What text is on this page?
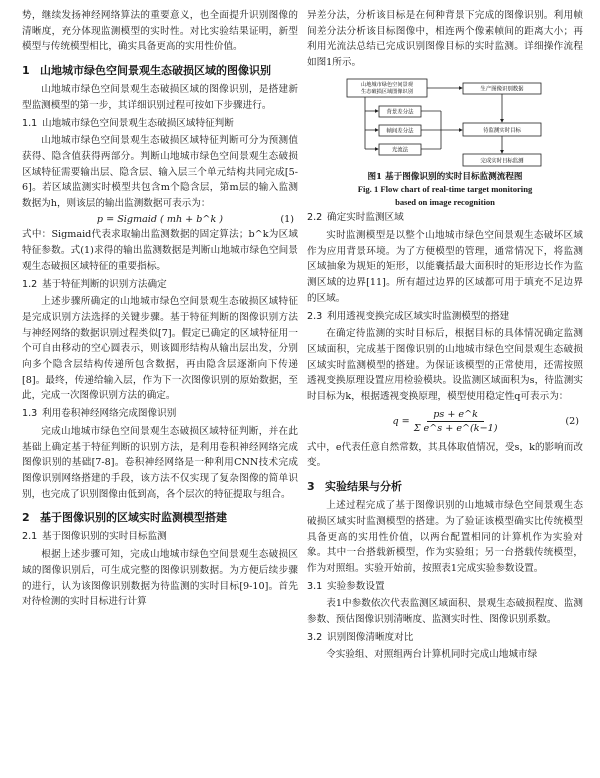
势，继续发扬神经网络算法的重要意义，也全面提升识别图像的清晰度，充分体现监测模型的实时性。对比实验结果证明，新型模型与传统模型相比，确实具备更高的实用性价值。

1 山地城市绿色空间景观生态破损区域的图像识别

山地城市绿色空间景观生态破损区域的图像识别，是搭建新型监测模型的第一步，其详细识别过程可按如下步骤进行。

1.1 山地城市绿色空间景观生态破损区域特征判断

山地城市绿色空间景观生态破损区域特征判断可分为预测值获得、隐含值获得两部分。判断山地城市绿色空间景观生态破损区域特征需要输出层、隐含层、输入层三个单元结构共同完成[5-6]。若区域监测实时模型共包含m个隐含层，第m层的输入监测数据为h，则该层的输出监测数据可表示为：

p = Sigmaid ( mh + b^k )	(1)

式中：Sigmaid代表求取输出监测数据的固定算法；b^k为区域特征参数。式(1)求得的输出监测数据是判断山地城市绿色空间景观生态破损区域特征的重要指标。

1.2 基于特征判断的识别方法确定

上述步骤所确定的山地城市绿色空间景观生态破损区域特征是完成识别方法选择的关键步骤。基于特征判断的图像识别方法与神经网络的数据识别过程类似[7]。假定已确定的区域特征用一个可自由移动的空心圆表示，则该圆形结构从输出层出发，分别向多个隐含层结构传递所包含数据，再由隐含层逐渐向下传递[8]。最终，传递给输入层，作为下一次图像识别的原始数据，至此，完成一次图像识别方法的确定。

1.3 利用卷积神经网络完成图像识别

完成山地城市绿色空间景观生态破损区域特征判断，并在此基础上确定基于特征判断的识别方法，是利用卷积神经网络完成图像识别的基础[7-8]。卷积神经网络是一种利用CNN技术完成图像识别网络搭建的手段，该方法不仅实现了复杂图像的简单识别，也完成了识别图像由低到高，各个层次的特征提取与组合。

2 基于图像识别的区域实时监测模型搭建
2.1 基于图像识别的实时目标监测

根据上述步骤可知，完成山地城市绿色空间景观生态破损区域的图像识别后，可生成完整的图像识别数据。为方便后续步骤的进行，认为该图像识别数据为待监测的实时目标[9-10]。首先对待检测的实时目标进行计算

异差分法，分析该目标是在何种背景下完成的图像识别。利用帧间差分法分析该目标图像中，相连两个像素帧间的距离大小；再利用光流法总结已完成识别图像目标的实时监测。详细操作流程如图1所示。

山地城市绿色空间景观
生态破损区域图像识别	生产图像识别数据
背景差分法
帧间差分法
光流法
待监测实时目标
完成实时目标监测
图1 基于图像识别的实时目标监测流程图
Fig. 1 Flow chart of real-time target monitoring
based on image recognition
2.2 确定实时监测区域

实时监测模型是以整个山地城市绿色空间景观生态破坏区域作为应用背景环境。为了方便模型的管理，通常情况下，将监测区域抽象为规矩的矩形，以能囊括最大面积时的矩形边长作为监测区域的边界[11]。所有超过边界的区域都可用于填充不足边界的区域。

2.3 利用透视变换完成区域实时监测模型的搭建

在确定待监测的实时目标后，根据目标的具体情况确定监测区域面积，完成基于图像识别的山地城市绿色空间景观生态破损区域实时监测模型的搭建。为保证该模型的正常使用，还需按照透视变换原理设置应用检验模块。设监测区域面积为s，待监测实时目标为k，根据透视变换原理，模型使用稳定性q可表示为：

$q = \frac{ps + e\^{}k}{\text{Σ e\textasciicircum{}s + e\textasciicircum{}(k−1)}}$	(2)

式中，e代表任意自然常数，其具体取值情况，受s，k的影响而改变。

3 实验结果与分析

上述过程完成了基于图像识别的山地城市绿色空间景观生态破损区域实时监测模型的搭建。为了验证该模型确实比传统模型具备更高的实用性价值，以两台配置相同的计算机作为实验对象。其中一台搭载新模型，作为实验组；另一台搭载传统模型，作为对照组。实验开始前，按照表1完成实验参数设置。

3.1 实验参数设置

表1中参数依次代表监测区域面积、景观生态破损程度、监测参数、预估图像识别清晰度、监测实时性、图像识别系数。

3.2 识别图像清晰度对比

令实验组、对照组两台计算机同时完成山地城市绿
